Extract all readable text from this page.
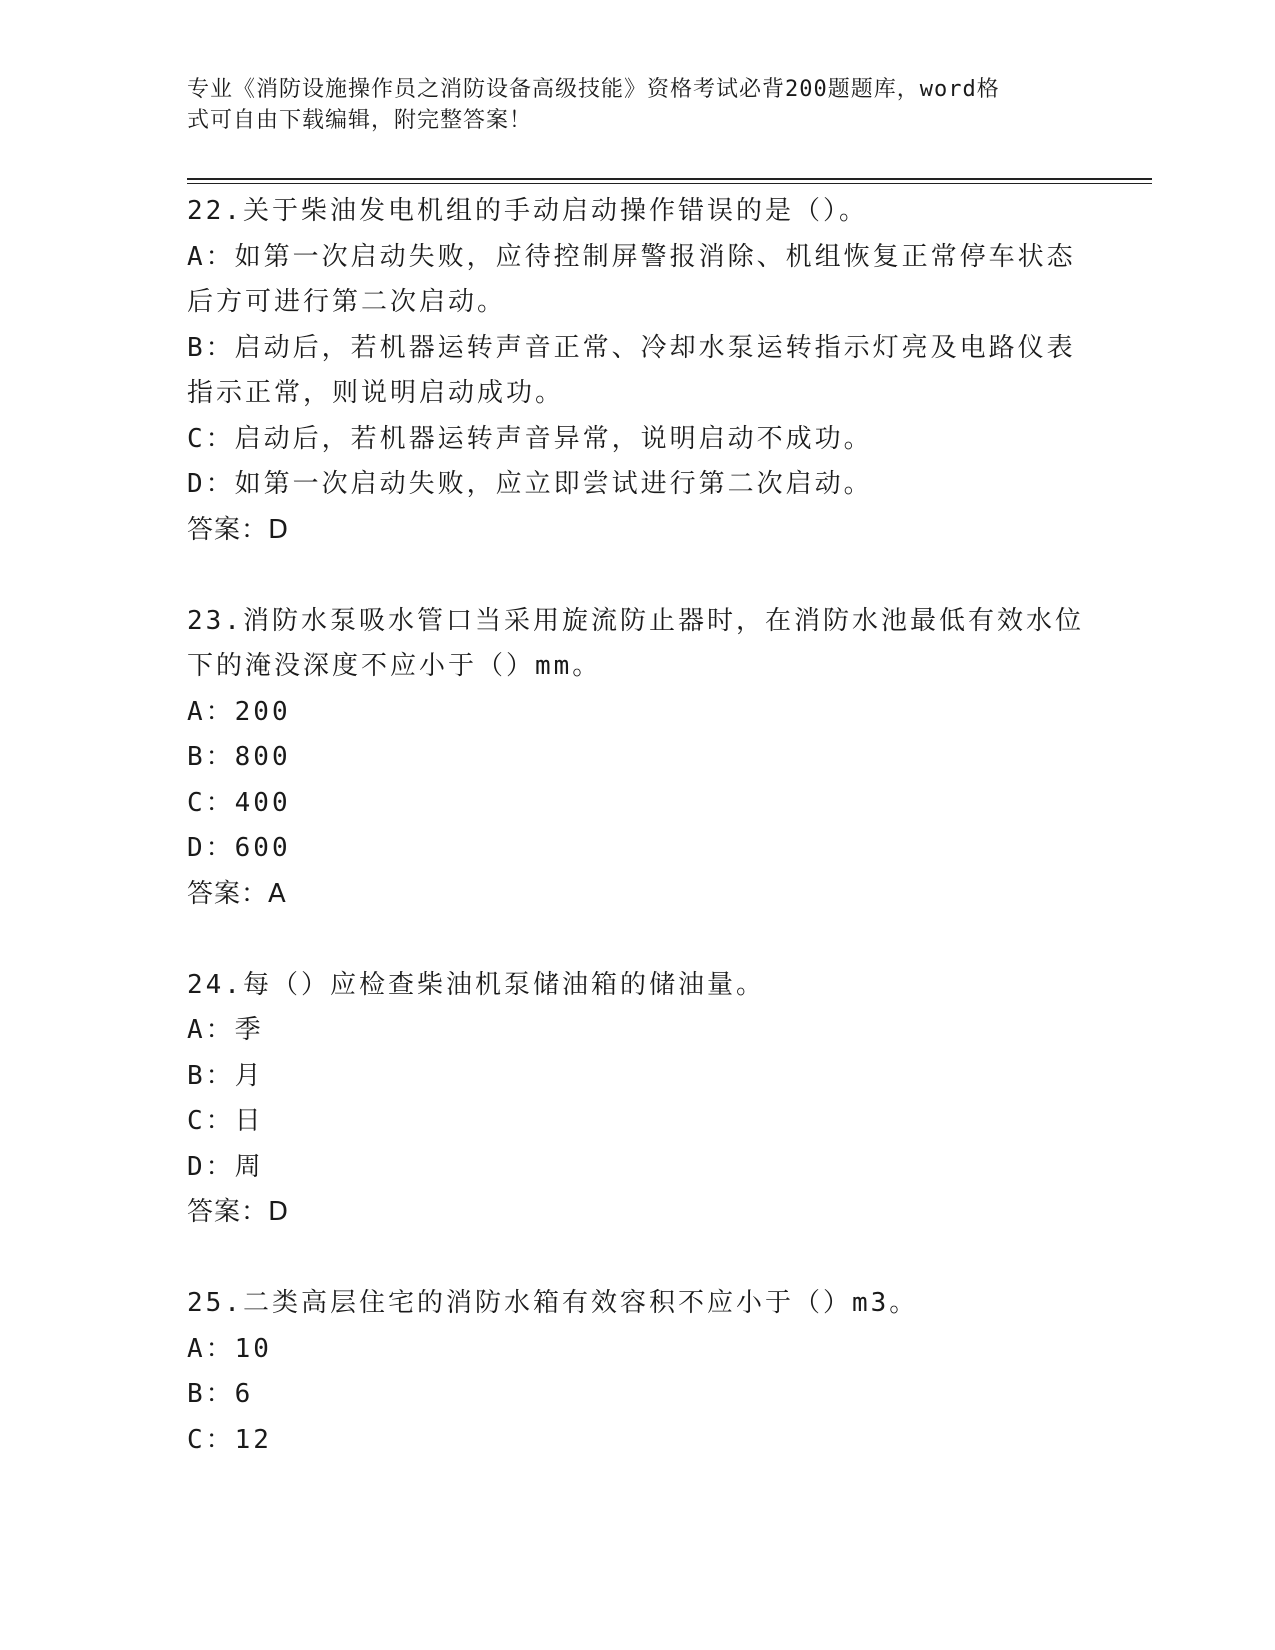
专业《消防设施操作员之消防设备高级技能》资格考试必背200题题库，word格
式可自由下载编辑，附完整答案！
22.关于柴油发电机组的手动启动操作错误的是（）。
A：如第一次启动失败，应待控制屏警报消除、机组恢复正常停车状态
后方可进行第二次启动。
B：启动后，若机器运转声音正常、冷却水泵运转指示灯亮及电路仪表
指示正常，则说明启动成功。
C：启动后，若机器运转声音异常，说明启动不成功。
D：如第一次启动失败，应立即尝试进行第二次启动。
答案：D
23.消防水泵吸水管口当采用旋流防止器时，在消防水池最低有效水位
下的淹没深度不应小于（）mm。
A：200
B：800
C：400
D：600
答案：A
24.每（）应检查柴油机泵储油箱的储油量。
A：季
B：月
C：日
D：周
答案：D
25.二类高层住宅的消防水箱有效容积不应小于（）m3。
A：10
B：6
C：12
